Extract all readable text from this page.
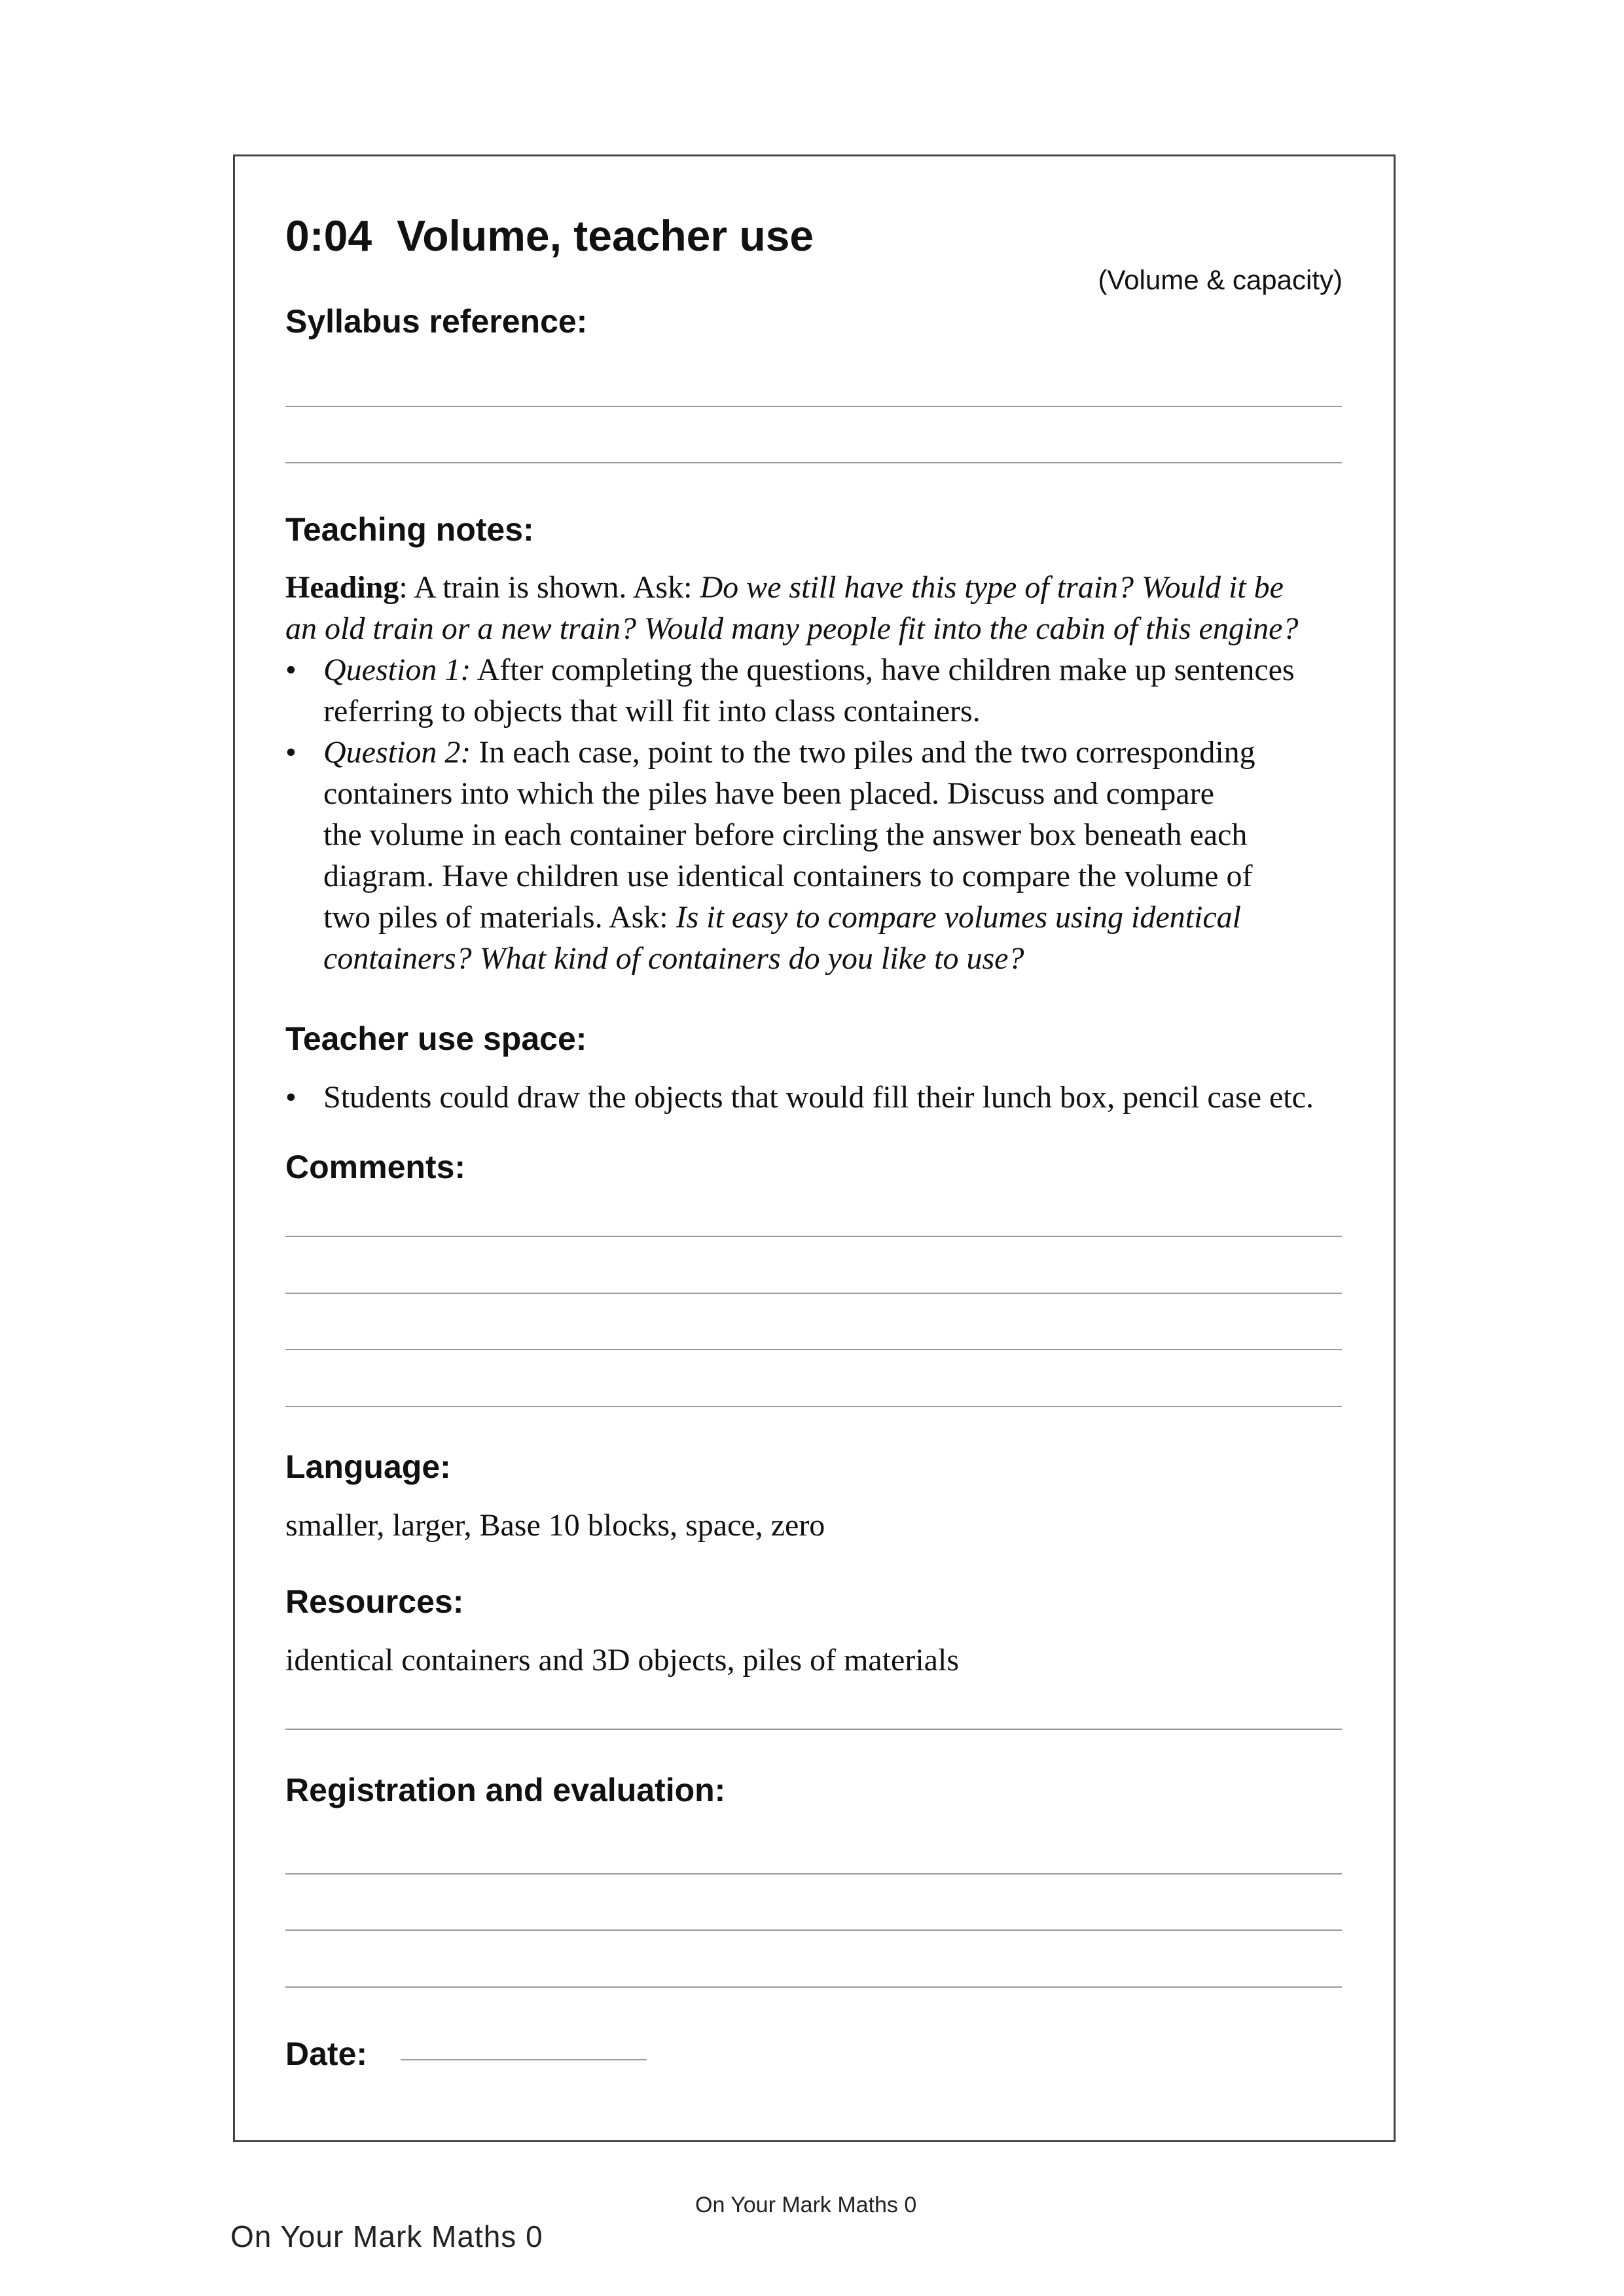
0:04 Volume, teacher use
(Volume & capacity)
Syllabus reference:
Teaching notes:
Heading: A train is shown. Ask: Do we still have this type of train? Would it be
an old train or a new train? Would many people fit into the cabin of this engine?
• Question 1: After completing the questions, have children make up sentences
referring to objects that will fit into class containers.
• Question 2: In each case, point to the two piles and the two corresponding
containers into which the piles have been placed. Discuss and compare
the volume in each container before circling the answer box beneath each
diagram. Have children use identical containers to compare the volume of
two piles of materials. Ask: Is it easy to compare volumes using identical
containers? What kind of containers do you like to use?
Teacher use space:
• Students could draw the objects that would fill their lunch box, pencil case etc.
Comments:
Language:
smaller, larger, Base 10 blocks, space, zero
Resources:
identical containers and 3D objects, piles of materials
Registration and evaluation:
Date:
On Your Mark Maths 0
On Your Mark Maths 0
